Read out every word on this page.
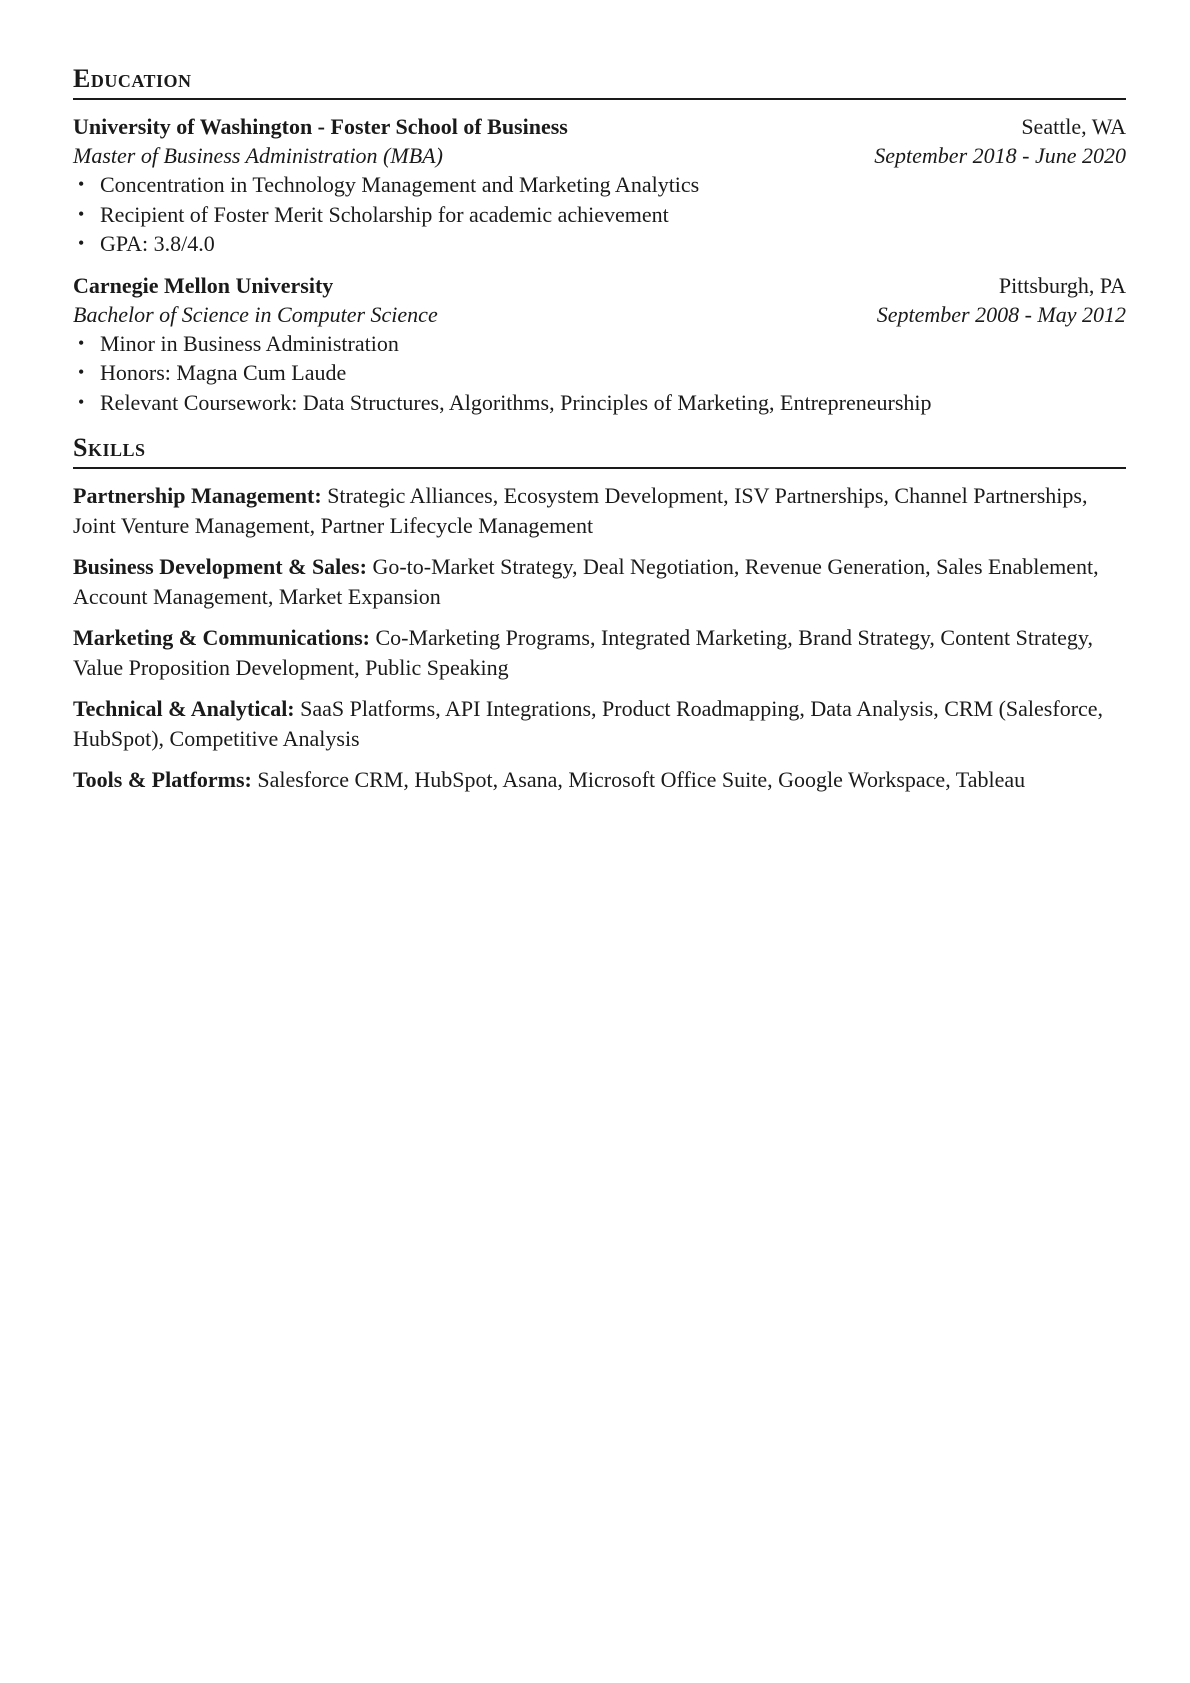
Education
University of Washington - Foster School of Business	Seattle, WA
Master of Business Administration (MBA)	September 2018 - June 2020
• Concentration in Technology Management and Marketing Analytics
• Recipient of Foster Merit Scholarship for academic achievement
• GPA: 3.8/4.0
Carnegie Mellon University	Pittsburgh, PA
Bachelor of Science in Computer Science	September 2008 - May 2012
• Minor in Business Administration
• Honors: Magna Cum Laude
• Relevant Coursework: Data Structures, Algorithms, Principles of Marketing, Entrepreneurship
Skills
Partnership Management: Strategic Alliances, Ecosystem Development, ISV Partnerships, Channel Partnerships, Joint Venture Management, Partner Lifecycle Management
Business Development & Sales: Go-to-Market Strategy, Deal Negotiation, Revenue Generation, Sales Enablement, Account Management, Market Expansion
Marketing & Communications: Co-Marketing Programs, Integrated Marketing, Brand Strategy, Content Strategy, Value Proposition Development, Public Speaking
Technical & Analytical: SaaS Platforms, API Integrations, Product Roadmapping, Data Analysis, CRM (Salesforce, HubSpot), Competitive Analysis
Tools & Platforms: Salesforce CRM, HubSpot, Asana, Microsoft Office Suite, Google Workspace, Tableau
